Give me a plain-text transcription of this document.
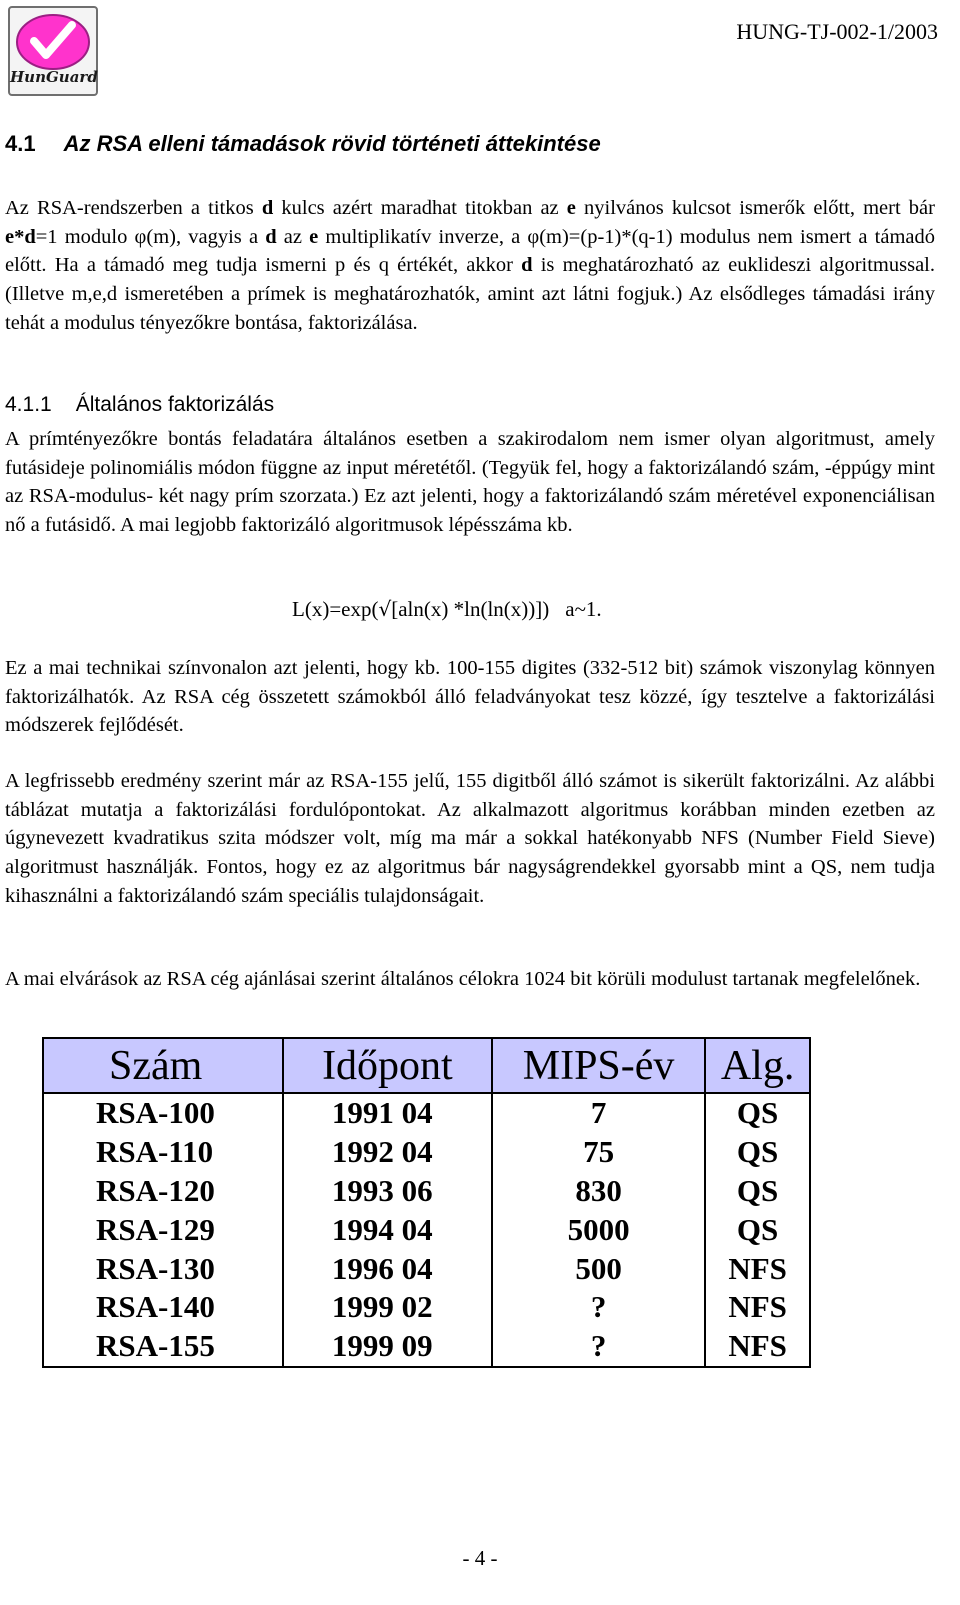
HunGuard
HUNG-TJ-002-1/2003
4.1 Az RSA elleni támadások rövid történeti áttekintése
Az RSA-rendszerben a titkos d kulcs azért maradhat titokban az e nyilvános kulcsot ismerők előtt, mert bár e*d=1 modulo φ(m), vagyis a d az e multiplikatív inverze, a φ(m)=(p-1)*(q-1) modulus nem ismert a támadó előtt. Ha a támadó meg tudja ismerni p és q értékét, akkor d is meghatározható az euklideszi algoritmussal. (Illetve m,e,d ismeretében a prímek is meghatározhatók, amint azt látni fogjuk.) Az elsődleges támadási irány tehát a modulus tényezőkre bontása, faktorizálása.
4.1.1 Általános faktorizálás
A prímtényezőkre bontás feladatára általános esetben a szakirodalom nem ismer olyan algoritmust, amely futásideje polinomiális módon függne az input méretétől. (Tegyük fel, hogy a faktorizálandó szám, -éppúgy mint az RSA-modulus- két nagy prím szorzata.) Ez azt jelenti, hogy a faktorizálandó szám méretével exponenciálisan nő a futásidő. A mai legjobb faktorizáló algoritmusok lépésszáma kb.
L(x)=exp(√[aln(x) *ln(ln(x))]) a~1.
Ez a mai technikai színvonalon azt jelenti, hogy kb. 100-155 digites (332-512 bit) számok viszonylag könnyen faktorizálhatók. Az RSA cég összetett számokból álló feladványokat tesz közzé, így tesztelve a faktorizálási módszerek fejlődését.
A legfrissebb eredmény szerint már az RSA-155 jelű, 155 digitből álló számot is sikerült faktorizálni. Az alábbi táblázat mutatja a faktorizálási fordulópontokat. Az alkalmazott algoritmus korábban minden ezetben az úgynevezett kvadratikus szita módszer volt, míg ma már a sokkal hatékonyabb NFS (Number Field Sieve) algoritmust használják. Fontos, hogy ez az algoritmus bár nagyságrendekkel gyorsabb mint a QS, nem tudja kihasználni a faktorizálandó szám speciális tulajdonságait.
A mai elvárások az RSA cég ajánlásai szerint általános célokra 1024 bit körüli modulust tartanak megfelelőnek.
Szám	Időpont	MIPS-év	Alg.
RSA-100	1991 04	7	QS
RSA-110	1992 04	75	QS
RSA-120	1993 06	830	QS
RSA-129	1994 04	5000	QS
RSA-130	1996 04	500	NFS
RSA-140	1999 02	?	NFS
RSA-155	1999 09	?	NFS
- 4 -
